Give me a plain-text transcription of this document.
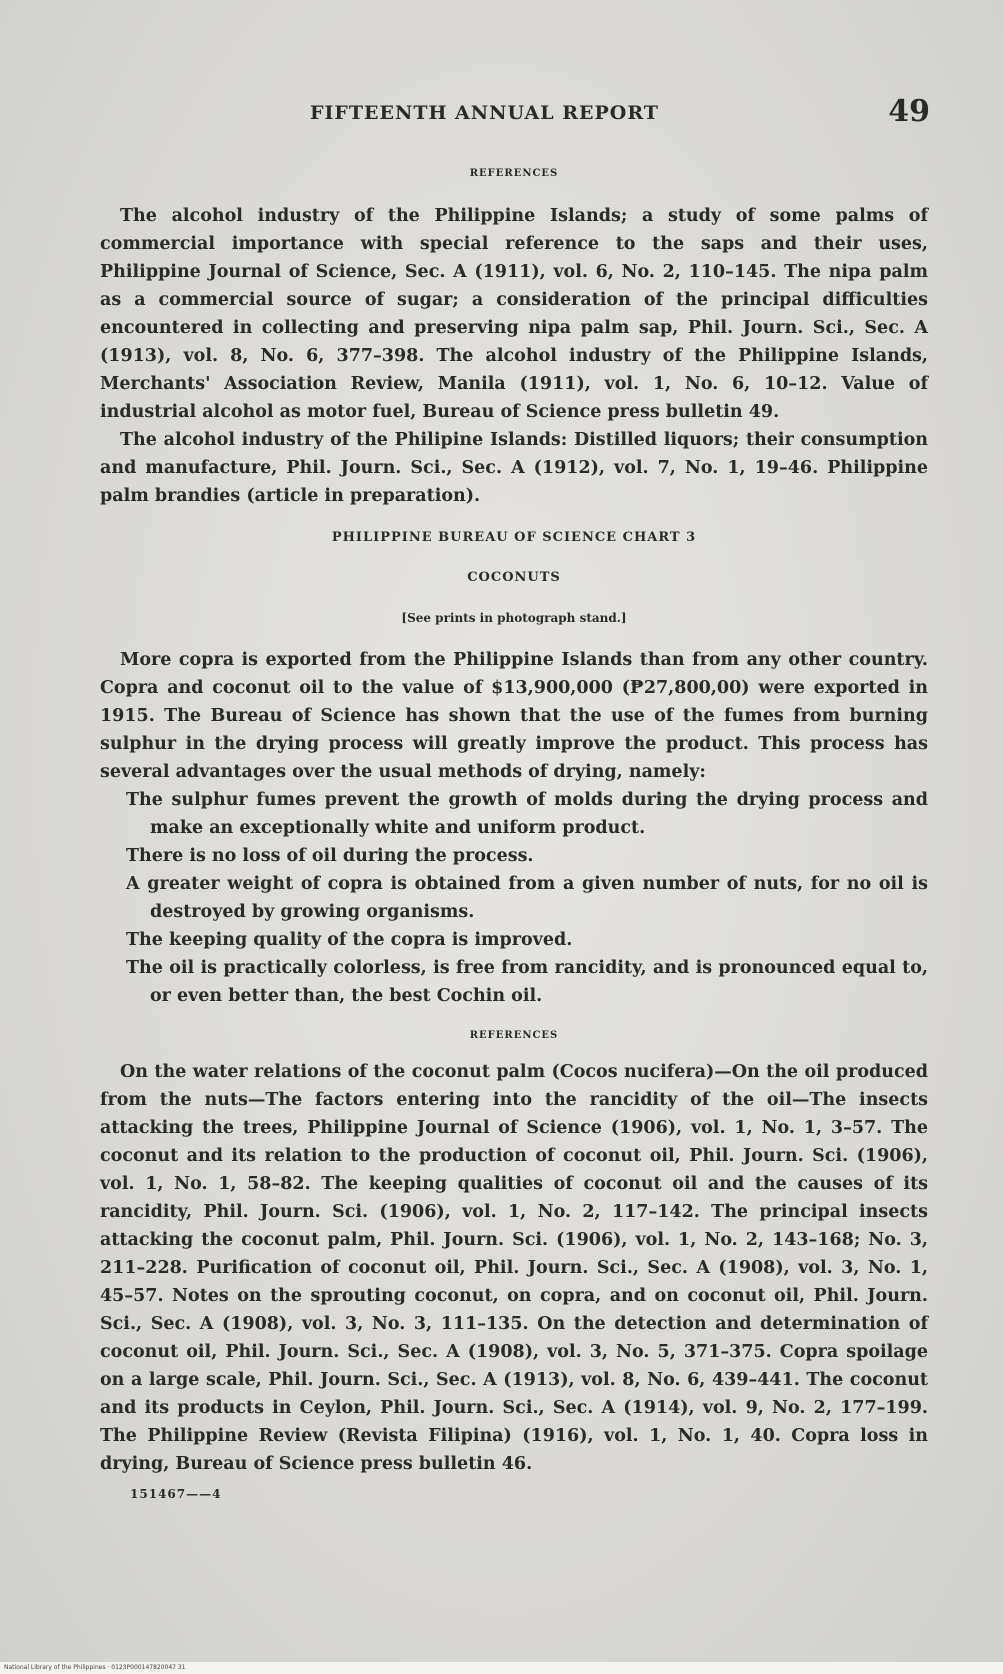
FIFTEENTH ANNUAL REPORT	49
REFERENCES

The alcohol industry of the Philippine Islands; a study of some palms of commercial importance with special reference to the saps and their uses, Philippine Journal of Science, Sec. A (1911), vol. 6, No. 2, 110–145. The nipa palm as a commercial source of sugar; a consideration of the principal difficulties encountered in collecting and preserving nipa palm sap, Phil. Journ. Sci., Sec. A (1913), vol. 8, No. 6, 377–398. The alcohol industry of the Philippine Islands, Merchants' Association Review, Manila (1911), vol. 1, No. 6, 10–12. Value of industrial alcohol as motor fuel, Bureau of Science press bulletin 49.

The alcohol industry of the Philipine Islands: Distilled liquors; their consumption and manufacture, Phil. Journ. Sci., Sec. A (1912), vol. 7, No. 1, 19–46. Philippine palm brandies (article in preparation).

PHILIPPINE BUREAU OF SCIENCE CHART 3
COCONUTS
[See prints in photograph stand.]

More copra is exported from the Philippine Islands than from any other country. Copra and coconut oil to the value of $13,900,000 (₱27,800,00) were exported in 1915. The Bureau of Science has shown that the use of the fumes from burning sulphur in the drying process will greatly improve the product. This process has several advantages over the usual methods of drying, namely:

The sulphur fumes prevent the growth of molds during the drying process and make an exceptionally white and uniform product.
There is no loss of oil during the process.
A greater weight of copra is obtained from a given number of nuts, for no oil is destroyed by growing organisms.
The keeping quality of the copra is improved.
The oil is practically colorless, is free from rancidity, and is pronounced equal to, or even better than, the best Cochin oil.
REFERENCES

On the water relations of the coconut palm (Cocos nucifera)—On the oil produced from the nuts—The factors entering into the rancidity of the oil—The insects attacking the trees, Philippine Journal of Science (1906), vol. 1, No. 1, 3–57. The coconut and its relation to the production of coconut oil, Phil. Journ. Sci. (1906), vol. 1, No. 1, 58–82. The keeping qualities of coconut oil and the causes of its rancidity, Phil. Journ. Sci. (1906), vol. 1, No. 2, 117–142. The principal insects attacking the coconut palm, Phil. Journ. Sci. (1906), vol. 1, No. 2, 143–168; No. 3, 211–228. Purification of coconut oil, Phil. Journ. Sci., Sec. A (1908), vol. 3, No. 1, 45–57. Notes on the sprouting coconut, on copra, and on coconut oil, Phil. Journ. Sci., Sec. A (1908), vol. 3, No. 3, 111–135. On the detection and determination of coconut oil, Phil. Journ. Sci., Sec. A (1908), vol. 3, No. 5, 371–375. Copra spoilage on a large scale, Phil. Journ. Sci., Sec. A (1913), vol. 8, No. 6, 439–441. The coconut and its products in Ceylon, Phil. Journ. Sci., Sec. A (1914), vol. 9, No. 2, 177–199. The Philippine Review (Revista Filipina) (1916), vol. 1, No. 1, 40. Copra loss in drying, Bureau of Science press bulletin 46.

151467——4
National Library of the Philippines · 0123P000147820047 31
